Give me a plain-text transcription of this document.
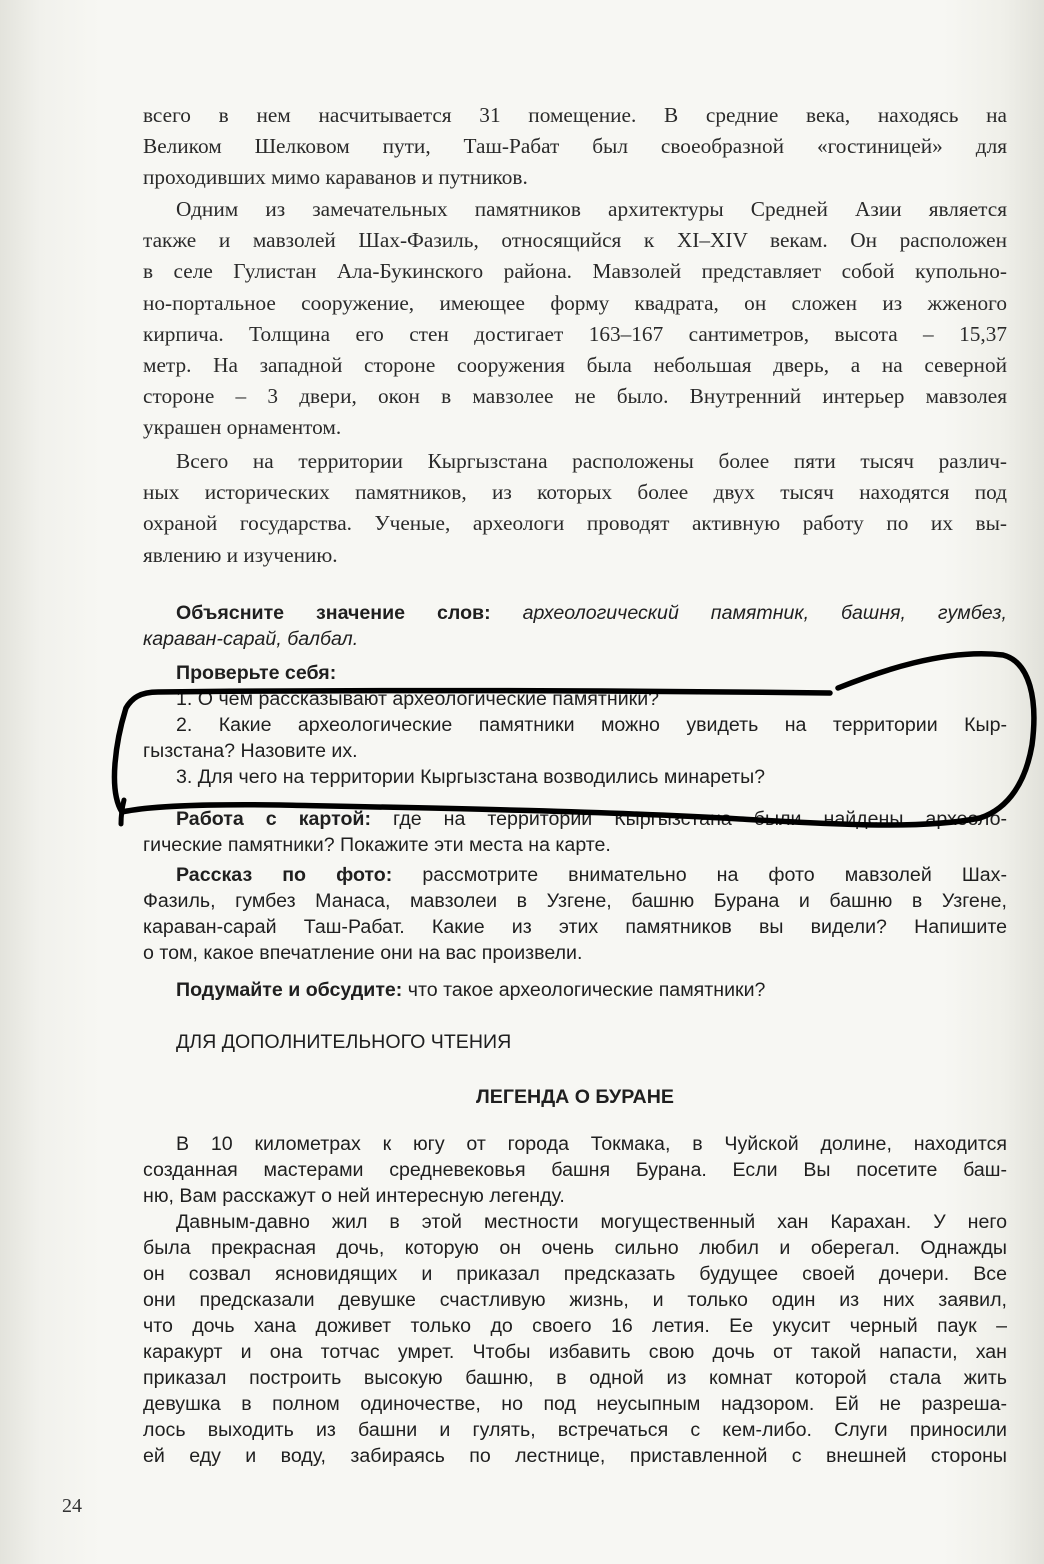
всего в нем насчитывается 31 помещение. В средние века, находясь на
Великом Шелковом пути, Таш-Рабат был своеобразной «гостиницей» для
проходивших мимо караванов и путников.
Одним из замечательных памятников архитектуры Средней Азии является
также и мавзолей Шах-Фазиль, относящийся к XI–XIV векам. Он расположен
в селе Гулистан Ала-Букинского района. Мавзолей представляет собой купольно-
но-портальное сооружение, имеющее форму квадрата, он сложен из жженого
кирпича. Толщина его стен достигает 163–167 сантиметров, высота – 15,37
метр. На западной стороне сооружения была небольшая дверь, а на северной
стороне – 3 двери, окон в мавзолее не было. Внутренний интерьер мавзолея
украшен орнаментом.
Всего на территории Кыргызстана расположены более пяти тысяч различ-
ных исторических памятников, из которых более двух тысяч находятся под
охраной государства. Ученые, археологи проводят активную работу по их вы-
явлению и изучению.
Объясните значение слов: археологический памятник, башня, гумбез,
караван-сарай, балбал.
Проверьте себя:
1. О чем рассказывают археологические памятники?
2. Какие археологические памятники можно увидеть на территории Кыр-
гызстана? Назовите их.
3. Для чего на территории Кыргызстана возводились минареты?
Работа с картой: где на территории Кыргызстана были найдены археоло-
гические памятники? Покажите эти места на карте.
Рассказ по фото: рассмотрите внимательно на фото мавзолей Шах-
Фазиль, гумбез Манаса, мавзолеи в Узгене, башню Бурана и башню в Узгене,
караван-сарай Таш-Рабат. Какие из этих памятников вы видели? Напишите
о том, какое впечатление они на вас произвели.
Подумайте и обсудите: что такое археологические памятники?
ДЛЯ ДОПОЛНИТЕЛЬНОГО ЧТЕНИЯ
ЛЕГЕНДА О БУРАНЕ
В 10 километрах к югу от города Токмака, в Чуйской долине, находится
созданная мастерами средневековья башня Бурана. Если Вы посетите баш-
ню, Вам расскажут о ней интересную легенду.
Давным-давно жил в этой местности могущественный хан Карахан. У него
была прекрасная дочь, которую он очень сильно любил и оберегал. Однажды
он созвал ясновидящих и приказал предсказать будущее своей дочери. Все
они предсказали девушке счастливую жизнь, и только один из них заявил,
что дочь хана доживет только до своего 16 летия. Ее укусит черный паук –
каракурт и она тотчас умрет. Чтобы избавить свою дочь от такой напасти, хан
приказал построить высокую башню, в одной из комнат которой стала жить
девушка в полном одиночестве, но под неусыпным надзором. Ей не разреша-
лось выходить из башни и гулять, встречаться с кем-либо. Слуги приносили
ей еду и воду, забираясь по лестнице, приставленной с внешней стороны
24
